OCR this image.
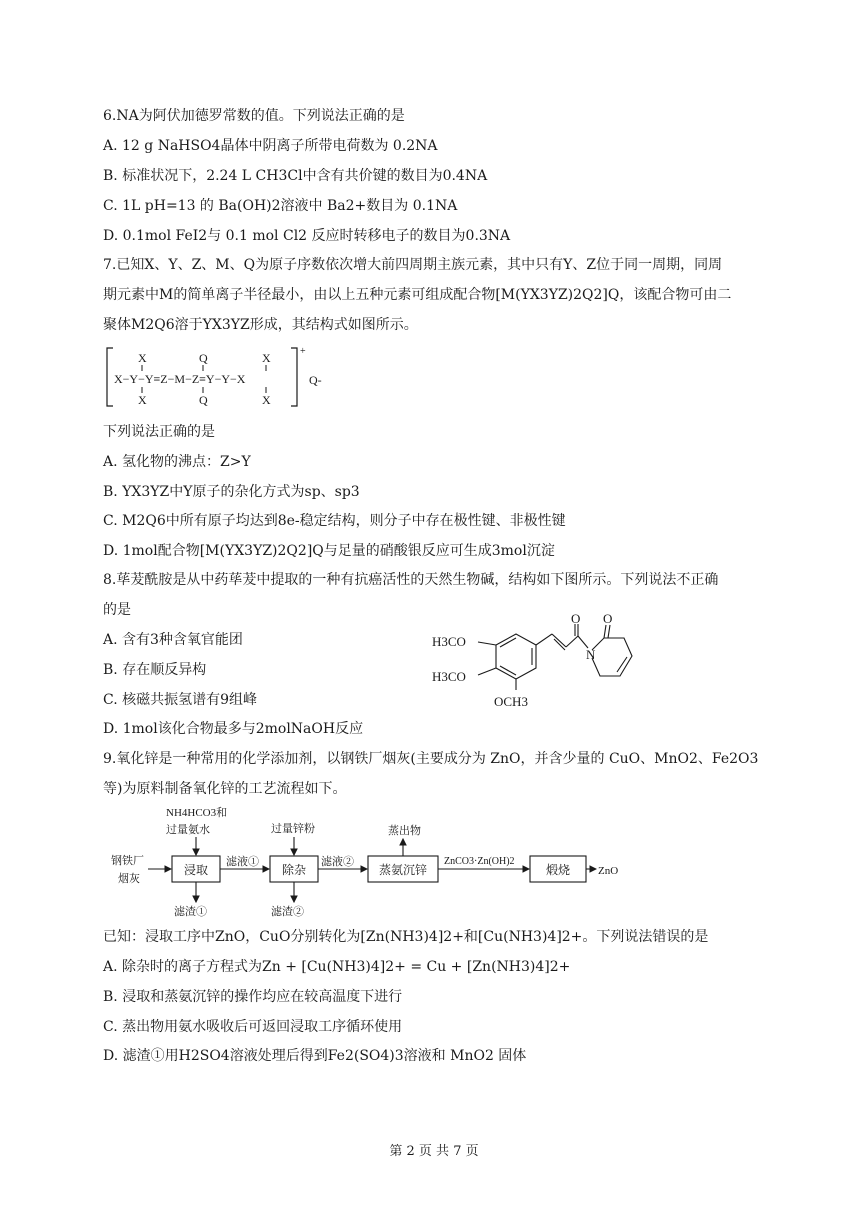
6.NA为阿伏加德罗常数的值。下列说法正确的是
A. 12 g NaHSO4晶体中阴离子所带电荷数为 0.2NA
B. 标准状况下，2.24 L CH3Cl中含有共价键的数目为0.4NA
C. 1L pH=13 的 Ba(OH)2溶液中 Ba2+数目为 0.1NA
D. 0.1mol FeI2与 0.1 mol Cl2 反应时转移电子的数目为0.3NA
7.已知X、Y、Z、M、Q为原子序数依次增大前四周期主族元素，其中只有Y、Z位于同一周期，同周
期元素中M的简单离子半径最小，由以上五种元素可组成配合物[M(YX3YZ)2Q2]Q，该配合物可由二
聚体M2Q6溶于YX3YZ形成，其结构式如图所示。
X	Q	X
X−Y−Y≡Z−M−Z≡Y−Y−X
X	Q	X
+
Q-
下列说法正确的是
A. 氢化物的沸点：Z>Y
B. YX3YZ中Y原子的杂化方式为sp、sp3
C. M2Q6中所有原子均达到8e-稳定结构，则分子中存在极性键、非极性键
D. 1mol配合物[M(YX3YZ)2Q2]Q与足量的硝酸银反应可生成3mol沉淀
8.荜茇酰胺是从中药荜茇中提取的一种有抗癌活性的天然生物碱，结构如下图所示。下列说法不正确
的是
A. 含有3种含氧官能团
B. 存在顺反异构
C. 核磁共振氢谱有9组峰
D. 1mol该化合物最多与2molNaOH反应
H3CO
H3CO
OCH3
O O
N
9.氧化锌是一种常用的化学添加剂，以钢铁厂烟灰(主要成分为 ZnO，并含少量的 CuO、MnO2、Fe2O3
等)为原料制备氧化锌的工艺流程如下。
钢铁厂
烟灰
NH4HCO3和
过量氨水	过量锌粉	蒸出物
滤液①	滤液②	ZnCO3·Zn(OH)2
ZnO
滤渣①	滤渣②
浸取	除杂	蒸氨沉锌	煅烧
已知：浸取工序中ZnO，CuO分别转化为[Zn(NH3)4]2+和[Cu(NH3)4]2+。下列说法错误的是
A. 除杂时的离子方程式为Zn + [Cu(NH3)4]2+ = Cu + [Zn(NH3)4]2+
B. 浸取和蒸氨沉锌的操作均应在较高温度下进行
C. 蒸出物用氨水吸收后可返回浸取工序循环使用
D. 滤渣①用H2SO4溶液处理后得到Fe2(SO4)3溶液和 MnO2 固体
第 2 页 共 7 页
